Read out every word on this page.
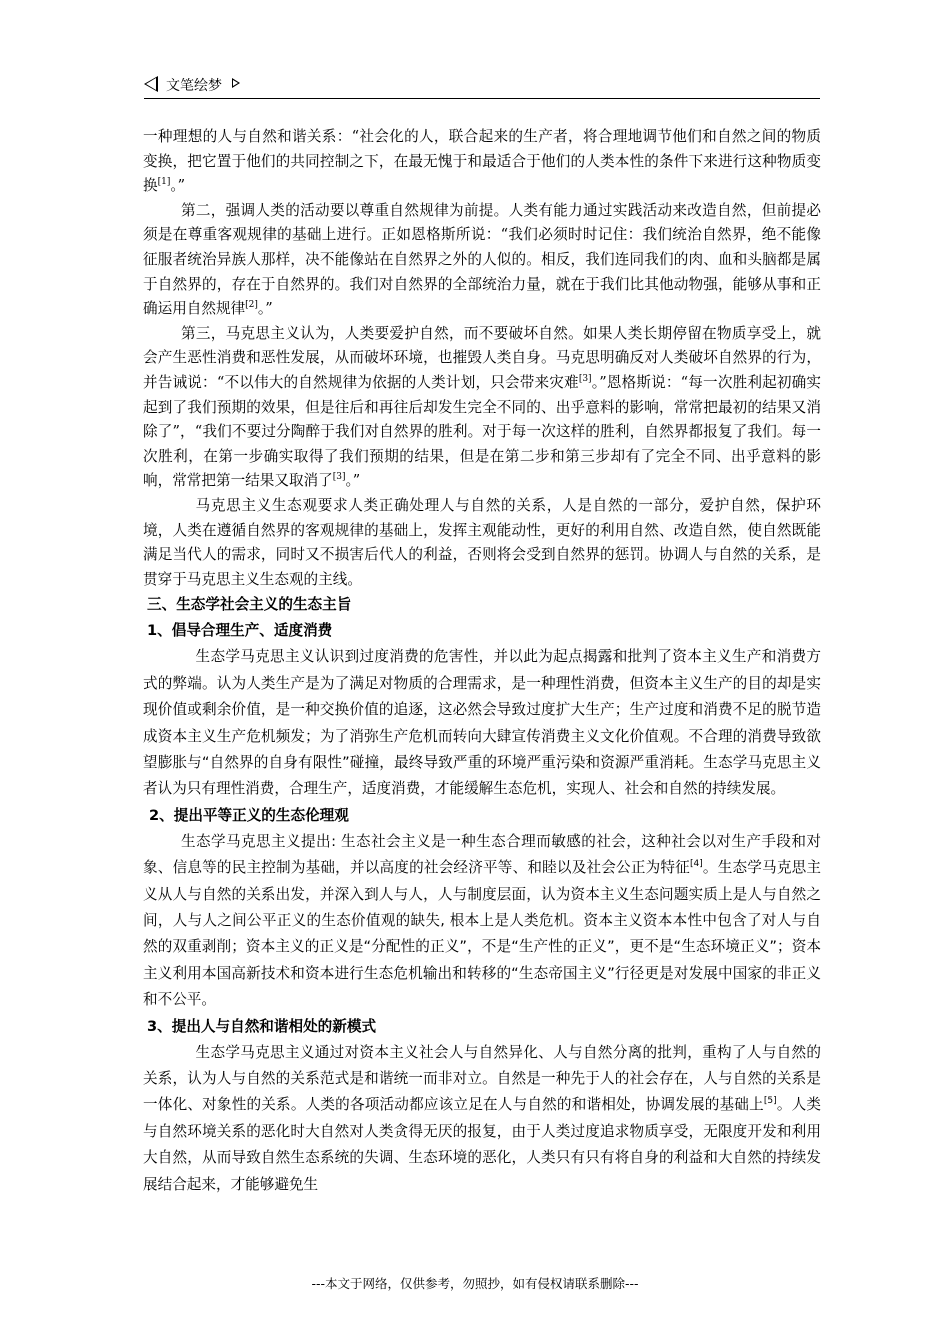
文笔绘梦

一种理想的人与自然和谐关系：“社会化的人，联合起来的生产者，将合理地调节他们和自然之间的物质变换，把它置于他们的共同控制之下，在最无愧于和最适合于他们的人类本性的条件下来进行这种物质变换[1]。”

第二，强调人类的活动要以尊重自然规律为前提。人类有能力通过实践活动来改造自然，但前提必须是在尊重客观规律的基础上进行。正如恩格斯所说：“我们必须时时记住：我们统治自然界，绝不能像征服者统治异族人那样，决不能像站在自然界之外的人似的。相反，我们连同我们的肉、血和头脑都是属于自然界的，存在于自然界的。我们对自然界的全部统治力量，就在于我们比其他动物强，能够从事和正确运用自然规律[2]。”

第三，马克思主义认为，人类要爱护自然，而不要破坏自然。如果人类长期停留在物质享受上，就会产生恶性消费和恶性发展，从而破坏环境，也摧毁人类自身。马克思明确反对人类破坏自然界的行为，并告诫说：“不以伟大的自然规律为依据的人类计划，只会带来灾难[3]。”恩格斯说：“每一次胜利起初确实起到了我们预期的效果，但是往后和再往后却发生完全不同的、出乎意料的影响，常常把最初的结果又消除了”，“我们不要过分陶醉于我们对自然界的胜利。对于每一次这样的胜利，自然界都报复了我们。每一次胜利，在第一步确实取得了我们预期的结果，但是在第二步和第三步却有了完全不同、出乎意料的影响，常常把第一结果又取消了[3]。”

马克思主义生态观要求人类正确处理人与自然的关系，人是自然的一部分，爱护自然，保护环境，人类在遵循自然界的客观规律的基础上，发挥主观能动性，更好的利用自然、改造自然，使自然既能满足当代人的需求，同时又不损害后代人的利益，否则将会受到自然界的惩罚。协调人与自然的关系，是贯穿于马克思主义生态观的主线。

三、生态学社会主义的生态主旨

1、倡导合理生产、适度消费

生态学马克思主义认识到过度消费的危害性，并以此为起点揭露和批判了资本主义生产和消费方式的弊端。认为人类生产是为了满足对物质的合理需求，是一种理性消费，但资本主义生产的目的却是实现价值或剩余价值，是一种交换价值的追逐，这必然会导致过度扩大生产；生产过度和消费不足的脱节造成资本主义生产危机频发；为了消弥生产危机而转向大肆宣传消费主义文化价值观。不合理的消费导致欲望膨胀与“自然界的自身有限性”碰撞，最终导致严重的环境严重污染和资源严重消耗。生态学马克思主义者认为只有理性消费，合理生产，适度消费，才能缓解生态危机，实现人、社会和自然的持续发展。

2、提出平等正义的生态伦理观

生态学马克思主义提出: 生态社会主义是一种生态合理而敏感的社会，这种社会以对生产手段和对象、信息等的民主控制为基础，并以高度的社会经济平等、和睦以及社会公正为特征[4]。生态学马克思主义从人与自然的关系出发，并深入到人与人，人与制度层面，认为资本主义生态问题实质上是人与自然之间，人与人之间公平正义的生态价值观的缺失, 根本上是人类危机。资本主义资本本性中包含了对人与自然的双重剥削；资本主义的正义是“分配性的正义”，不是“生产性的正义”，更不是“生态环境正义”；资本主义利用本国高新技术和资本进行生态危机输出和转移的“生态帝国主义”行径更是对发展中国家的非正义和不公平。

3、提出人与自然和谐相处的新模式

生态学马克思主义通过对资本主义社会人与自然异化、人与自然分离的批判，重构了人与自然的关系，认为人与自然的关系范式是和谐统一而非对立。自然是一种先于人的社会存在，人与自然的关系是一体化、对象性的关系。人类的各项活动都应该立足在人与自然的和谐相处，协调发展的基础上[5]。人类与自然环境关系的恶化时大自然对人类贪得无厌的报复，由于人类过度追求物质享受，无限度开发和利用大自然，从而导致自然生态系统的失调、生态环境的恶化，人类只有只有将自身的利益和大自然的持续发展结合起来，才能够避免生

---本文于网络，仅供参考，勿照抄，如有侵权请联系删除---
